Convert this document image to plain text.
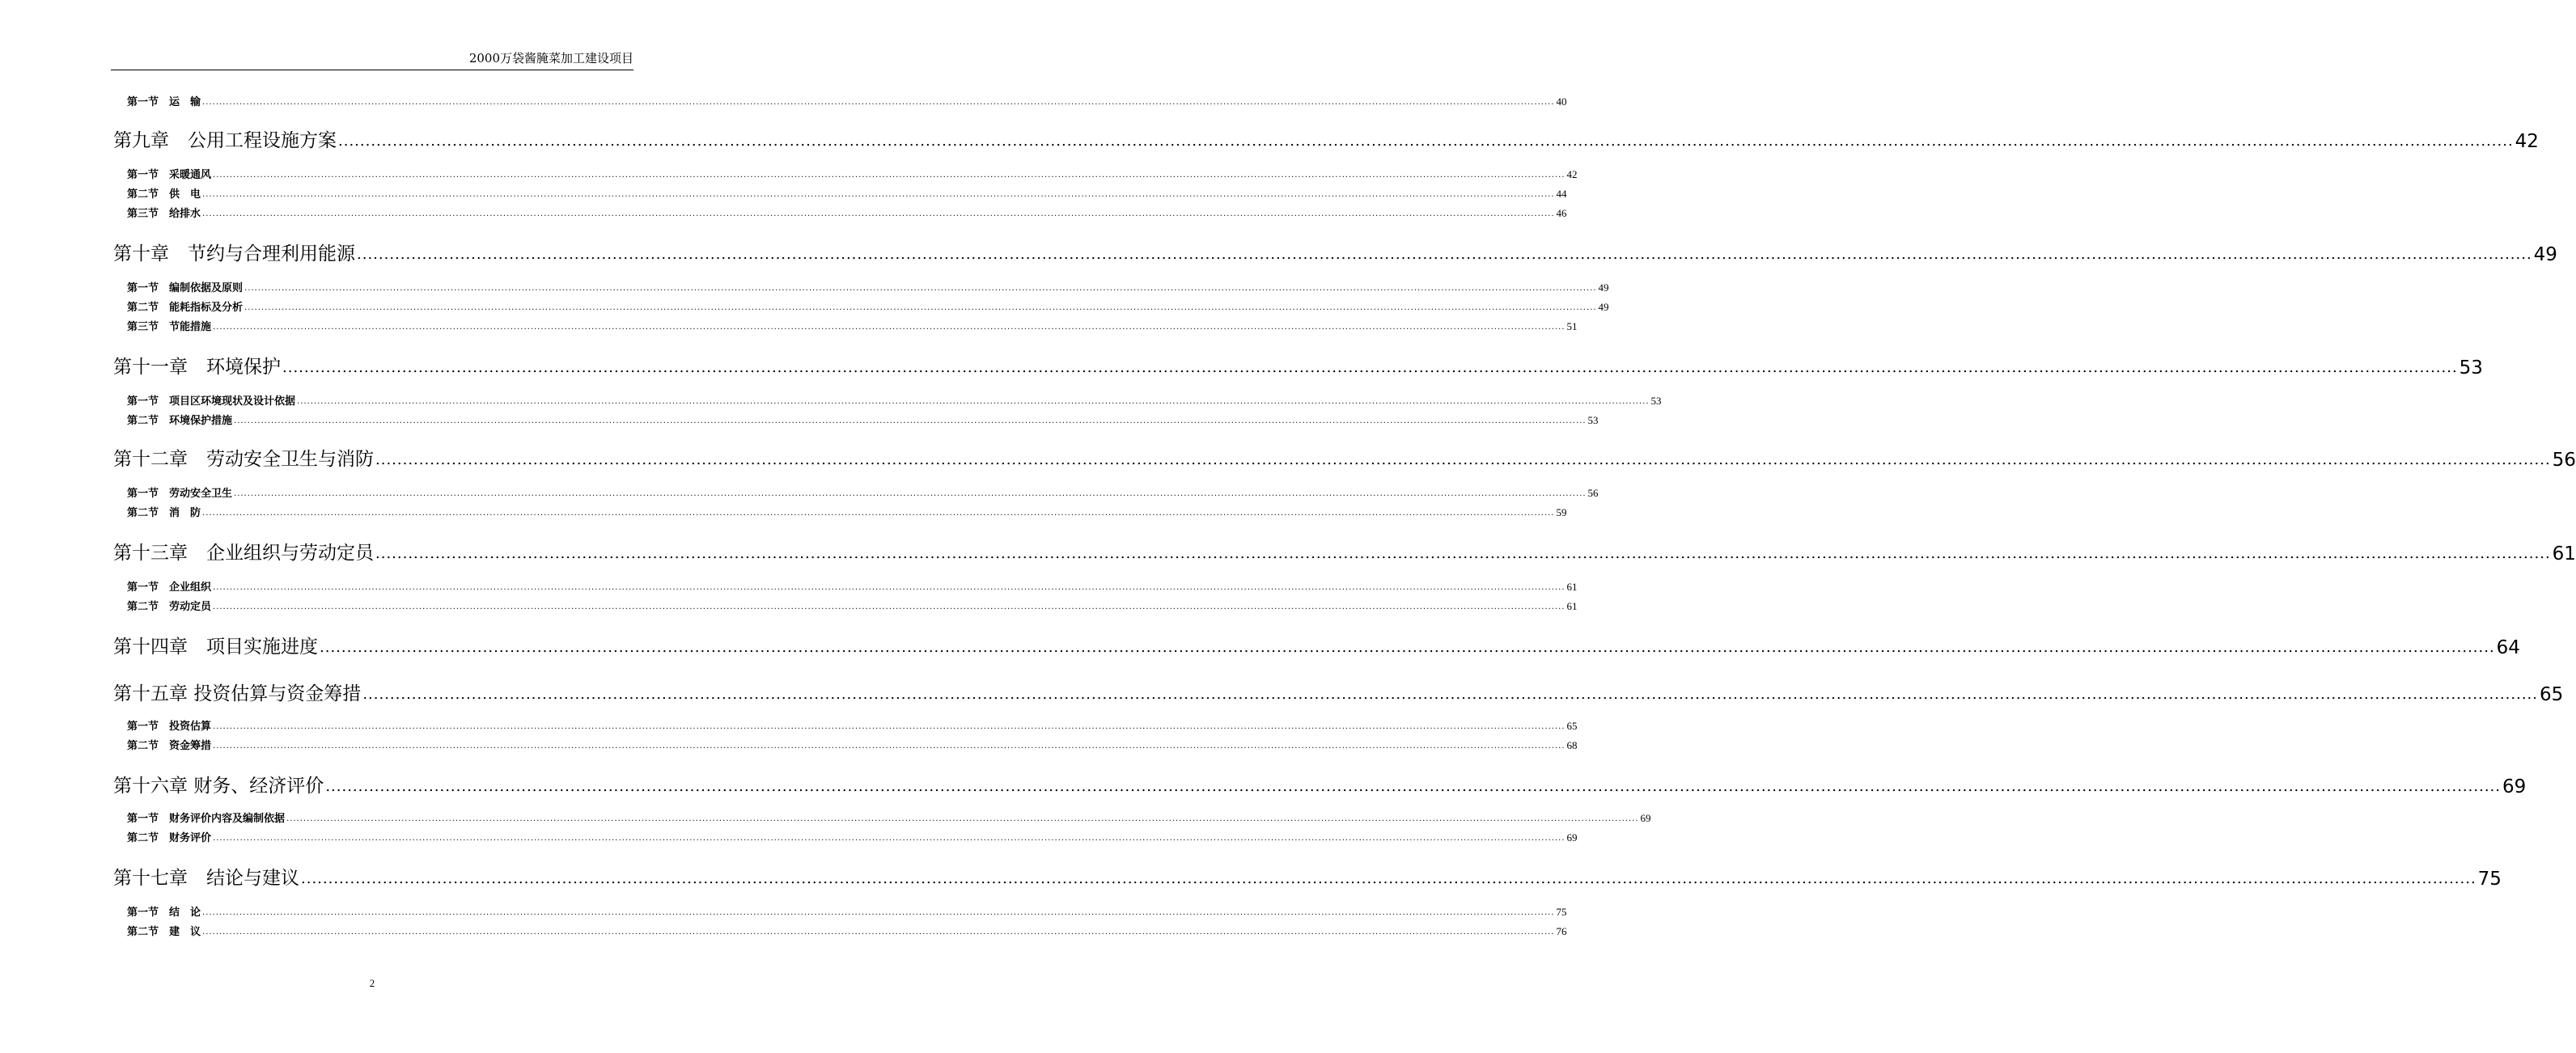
2000万袋酱腌菜加工建设项目
第一节　运　输 ................................................................................................................................................................................................................................................................................................................................................................................................................ 40
第九章　公用工程设施方案 ................................................................................................................................................................................................................................................................................................................................................................................................................ 42
第一节　采暖通风 ................................................................................................................................................................................................................................................................................................................................................................................................................ 42
第二节　供　电 ................................................................................................................................................................................................................................................................................................................................................................................................................ 44
第三节　给排水 ................................................................................................................................................................................................................................................................................................................................................................................................................ 46
第十章　节约与合理利用能源 ................................................................................................................................................................................................................................................................................................................................................................................................................ 49
第一节　编制依据及原则 ................................................................................................................................................................................................................................................................................................................................................................................................................ 49
第二节　能耗指标及分析 ................................................................................................................................................................................................................................................................................................................................................................................................................ 49
第三节　节能措施 ................................................................................................................................................................................................................................................................................................................................................................................................................ 51
第十一章　环境保护 ................................................................................................................................................................................................................................................................................................................................................................................................................ 53
第一节　项目区环境现状及设计依据 ................................................................................................................................................................................................................................................................................................................................................................................................................ 53
第二节　环境保护措施 ................................................................................................................................................................................................................................................................................................................................................................................................................ 53
第十二章　劳动安全卫生与消防 ................................................................................................................................................................................................................................................................................................................................................................................................................ 56
第一节　劳动安全卫生 ................................................................................................................................................................................................................................................................................................................................................................................................................ 56
第二节　消　防 ................................................................................................................................................................................................................................................................................................................................................................................................................ 59
第十三章　企业组织与劳动定员 ................................................................................................................................................................................................................................................................................................................................................................................................................ 61
第一节　企业组织 ................................................................................................................................................................................................................................................................................................................................................................................................................ 61
第二节　劳动定员 ................................................................................................................................................................................................................................................................................................................................................................................................................ 61
第十四章　项目实施进度 ................................................................................................................................................................................................................................................................................................................................................................................................................ 64
第十五章 投资估算与资金筹措 ................................................................................................................................................................................................................................................................................................................................................................................................................ 65
第一节　投资估算 ................................................................................................................................................................................................................................................................................................................................................................................................................ 65
第二节　资金筹措 ................................................................................................................................................................................................................................................................................................................................................................................................................ 68
第十六章 财务、经济评价 ................................................................................................................................................................................................................................................................................................................................................................................................................ 69
第一节　财务评价内容及编制依据 ................................................................................................................................................................................................................................................................................................................................................................................................................ 69
第二节　财务评价 ................................................................................................................................................................................................................................................................................................................................................................................................................ 69
第十七章　结论与建议 ................................................................................................................................................................................................................................................................................................................................................................................................................ 75
第一节　结　论 ................................................................................................................................................................................................................................................................................................................................................................................................................ 75
第二节　建　议 ................................................................................................................................................................................................................................................................................................................................................................................................................ 76
2
